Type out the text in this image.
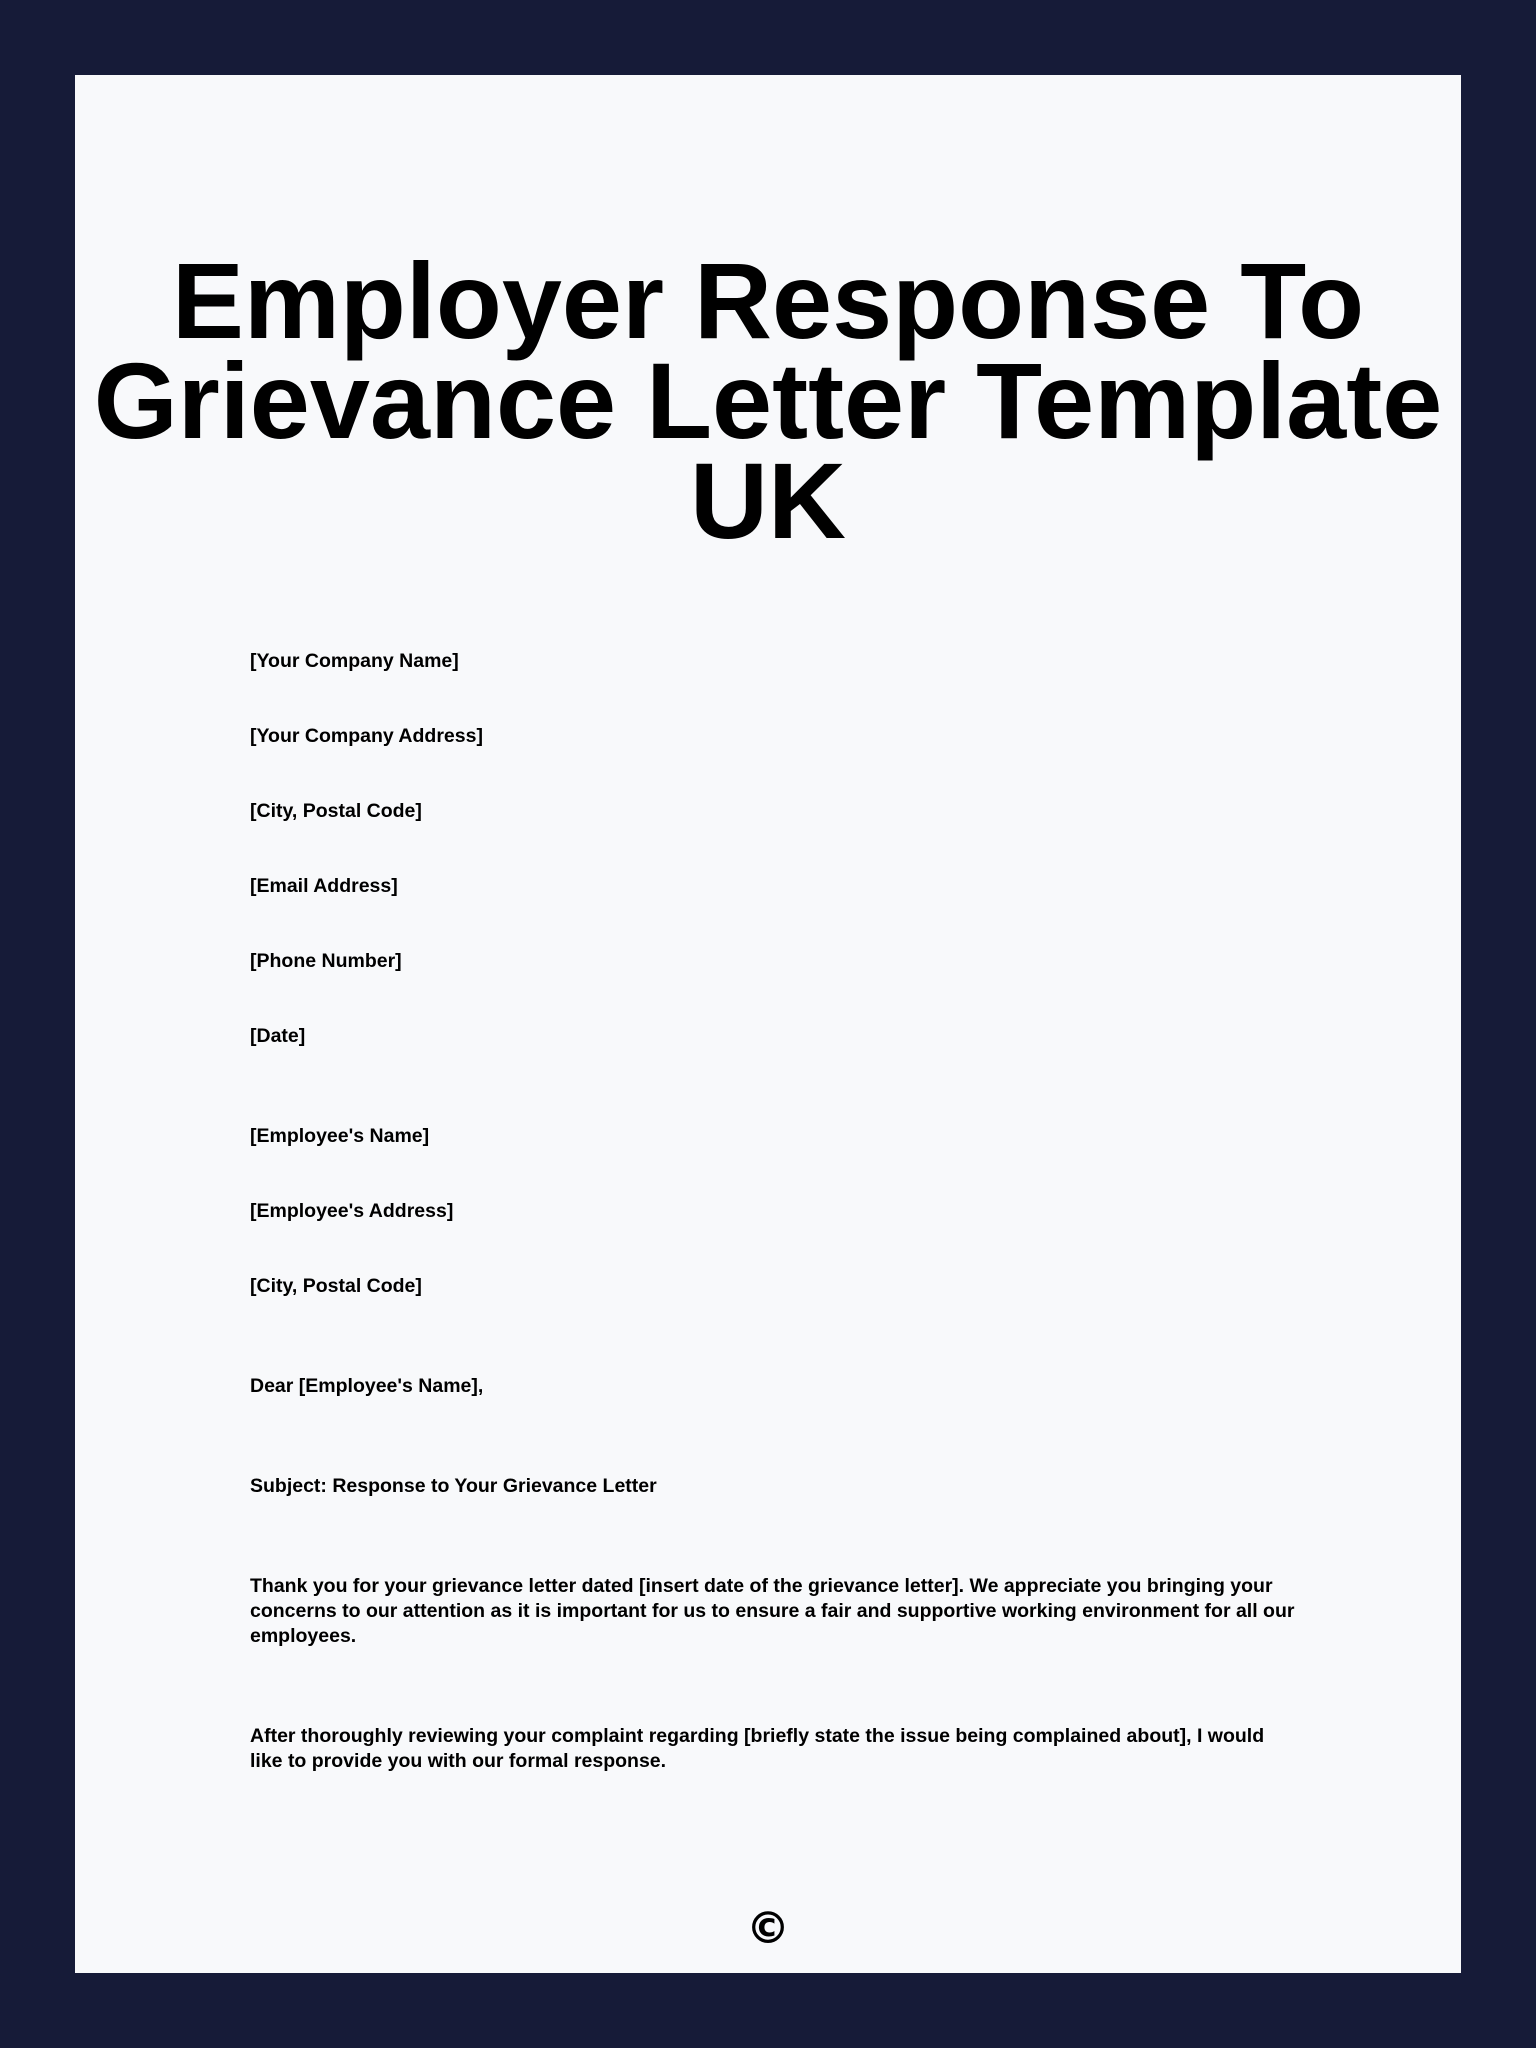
Employer Response To Grievance Letter Template UK

[Your Company Name]

[Your Company Address]

[City, Postal Code]

[Email Address]

[Phone Number]

[Date]

[Employee's Name]

[Employee's Address]

[City, Postal Code]

Dear [Employee's Name],

Subject: Response to Your Grievance Letter

Thank you for your grievance letter dated [insert date of the grievance letter]. We appreciate you bringing your concerns to our attention as it is important for us to ensure a fair and supportive working environment for all our employees.

After thoroughly reviewing your complaint regarding [briefly state the issue being complained about], I would like to provide you with our formal response.

©
